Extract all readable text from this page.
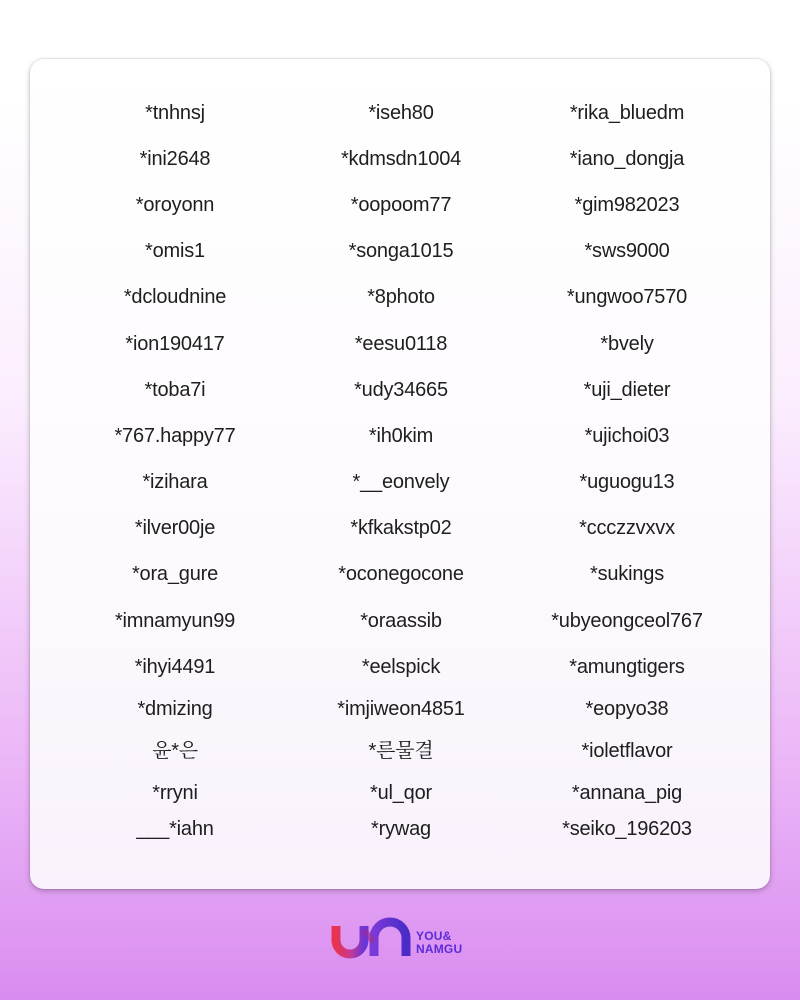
*tnhnsj
*ini2648
*oroyonn
*omis1
*dcloudnine
*ion190417
*toba7i
*767.happy77
*izihara
*ilver00je
*ora_gure
*imnamyun99
*ihyi4491
*dmizing
윤*은
*rryni
___*iahn
*iseh80
*kdmsdn1004
*oopoom77
*songa1015
*8photo
*eesu0118
*udy34665
*ih0kim
*__eonvely
*kfkakstp02
*oconegocone
*oraassib
*eelspick
*imjiweon4851
*른물결
*ul_qor
*rywag
*rika_bluedm
*iano_dongja
*gim982023
*sws9000
*ungwoo7570
*bvely
*uji_dieter
*ujichoi03
*uguogu13
*ccczzvxvx
*sukings
*ubyeongceol767
*amungtigers
*eopyo38
*ioletflavor
*annana_pig
*seiko_196203
YOU&
NAMGU
